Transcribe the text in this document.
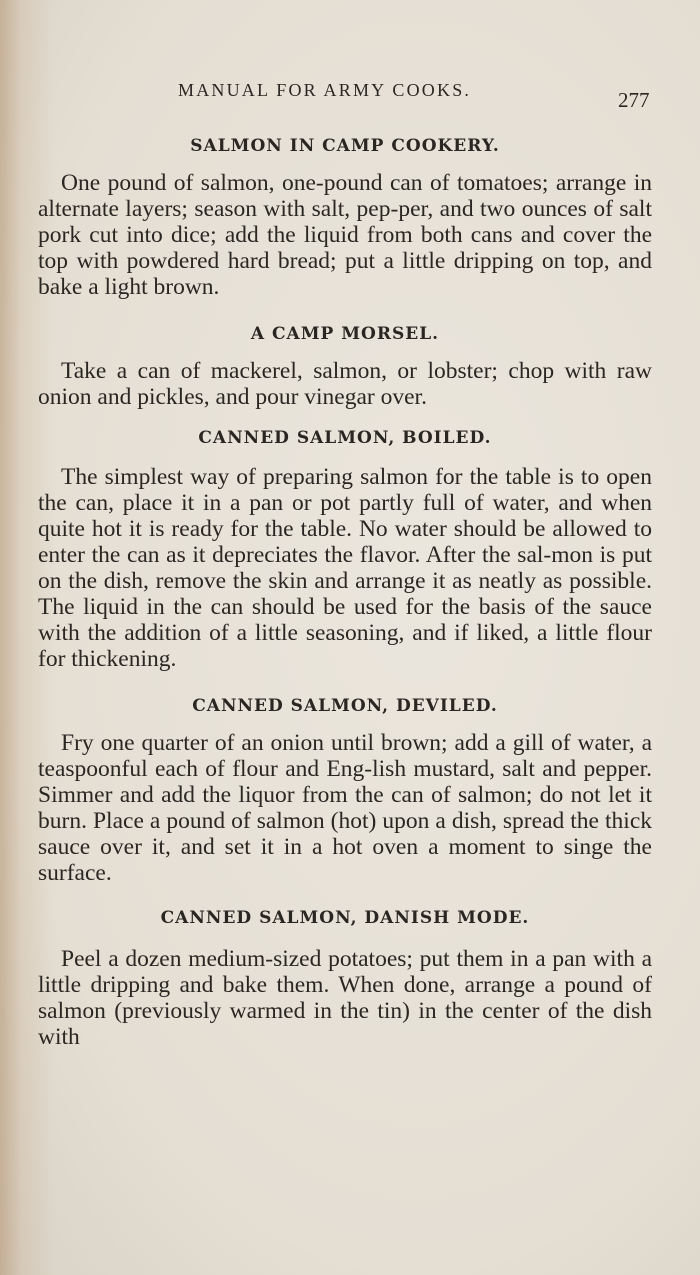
MANUAL FOR ARMY COOKS.	277
SALMON IN CAMP COOKERY.

One pound of salmon, one-pound can of tomatoes; arrange in alternate layers; season with salt, pep-per, and two ounces of salt pork cut into dice; add the liquid from both cans and cover the top with powdered hard bread; put a little dripping on top, and bake a light brown.

A CAMP MORSEL.

Take a can of mackerel, salmon, or lobster; chop with raw onion and pickles, and pour vinegar over.

CANNED SALMON, BOILED.

The simplest way of preparing salmon for the table is to open the can, place it in a pan or pot partly full of water, and when quite hot it is ready for the table. No water should be allowed to enter the can as it depreciates the flavor. After the sal-mon is put on the dish, remove the skin and arrange it as neatly as possible. The liquid in the can should be used for the basis of the sauce with the addition of a little seasoning, and if liked, a little flour for thickening.

CANNED SALMON, DEVILED.

Fry one quarter of an onion until brown; add a gill of water, a teaspoonful each of flour and Eng-lish mustard, salt and pepper. Simmer and add the liquor from the can of salmon; do not let it burn. Place a pound of salmon (hot) upon a dish, spread the thick sauce over it, and set it in a hot oven a moment to singe the surface.

CANNED SALMON, DANISH MODE.

Peel a dozen medium-sized potatoes; put them in a pan with a little dripping and bake them. When done, arrange a pound of salmon (previously warmed in the tin) in the center of the dish with
